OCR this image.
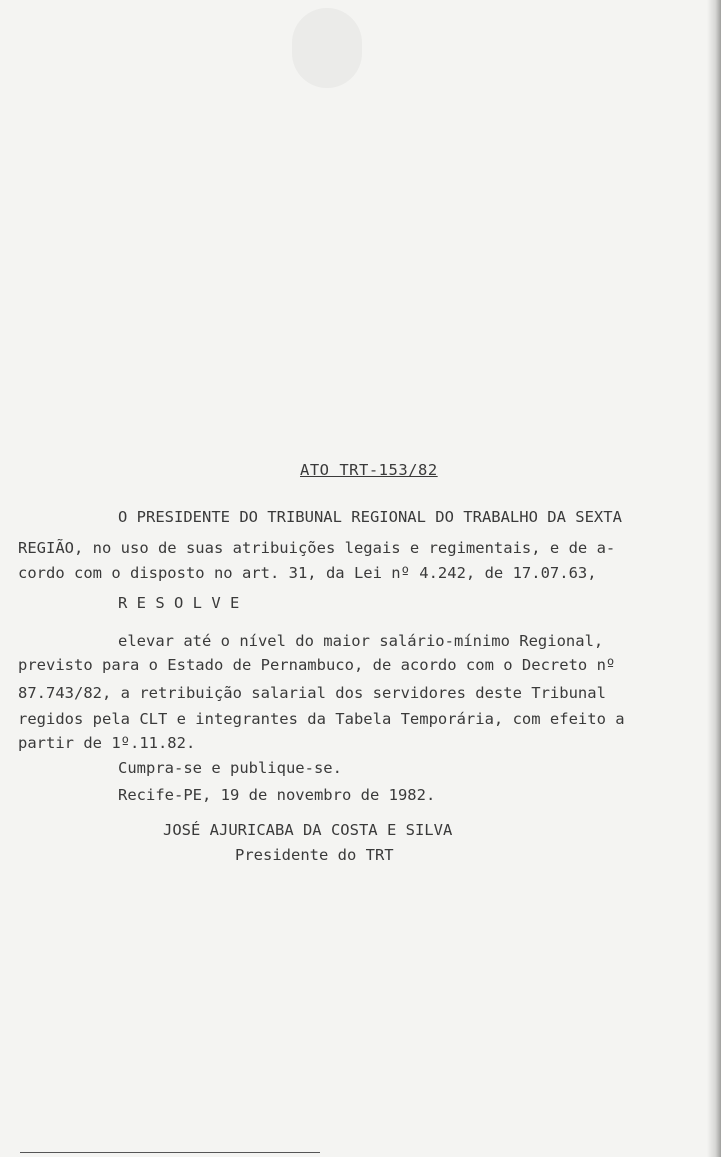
ATO TRT-153/82
O PRESIDENTE DO TRIBUNAL REGIONAL DO TRABALHO DA SEXTA
REGIÃO, no uso de suas atribuições legais e regimentais, e de a-
cordo com o disposto no art. 31, da Lei nº 4.242, de 17.07.63,
R E S O L V E
elevar até o nível do maior salário-mínimo Regional,
previsto para o Estado de Pernambuco, de acordo com o Decreto nº
87.743/82, a retribuição salarial dos servidores deste Tribunal
regidos pela CLT e integrantes da Tabela Temporária, com efeito a
partir de 1º.11.82.
Cumpra-se e publique-se.
Recife-PE, 19 de novembro de 1982.
JOSÉ AJURICABA DA COSTA E SILVA
Presidente do TRT
